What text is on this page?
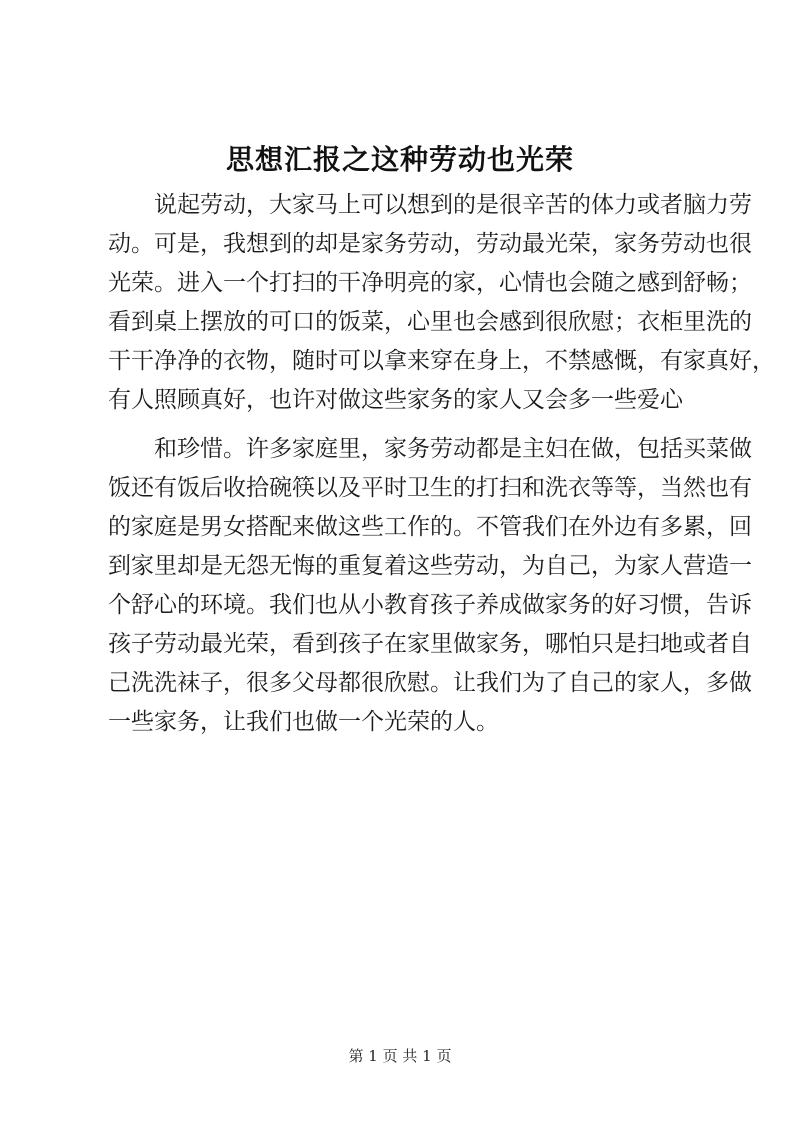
思想汇报之这种劳动也光荣
说起劳动，大家马上可以想到的是很辛苦的体力或者脑力劳
动。可是，我想到的却是家务劳动，劳动最光荣，家务劳动也很
光荣。进入一个打扫的干净明亮的家，心情也会随之感到舒畅；
看到桌上摆放的可口的饭菜，心里也会感到很欣慰；衣柜里洗的
干干净净的衣物，随时可以拿来穿在身上，不禁感慨，有家真好，
有人照顾真好，也许对做这些家务的家人又会多一些爱心
和珍惜。许多家庭里，家务劳动都是主妇在做，包括买菜做
饭还有饭后收拾碗筷以及平时卫生的打扫和洗衣等等，当然也有
的家庭是男女搭配来做这些工作的。不管我们在外边有多累，回
到家里却是无怨无悔的重复着这些劳动，为自己，为家人营造一
个舒心的环境。我们也从小教育孩子养成做家务的好习惯，告诉
孩子劳动最光荣，看到孩子在家里做家务，哪怕只是扫地或者自
己洗洗袜子，很多父母都很欣慰。让我们为了自己的家人，多做
一些家务，让我们也做一个光荣的人。
第 1 页 共 1 页
